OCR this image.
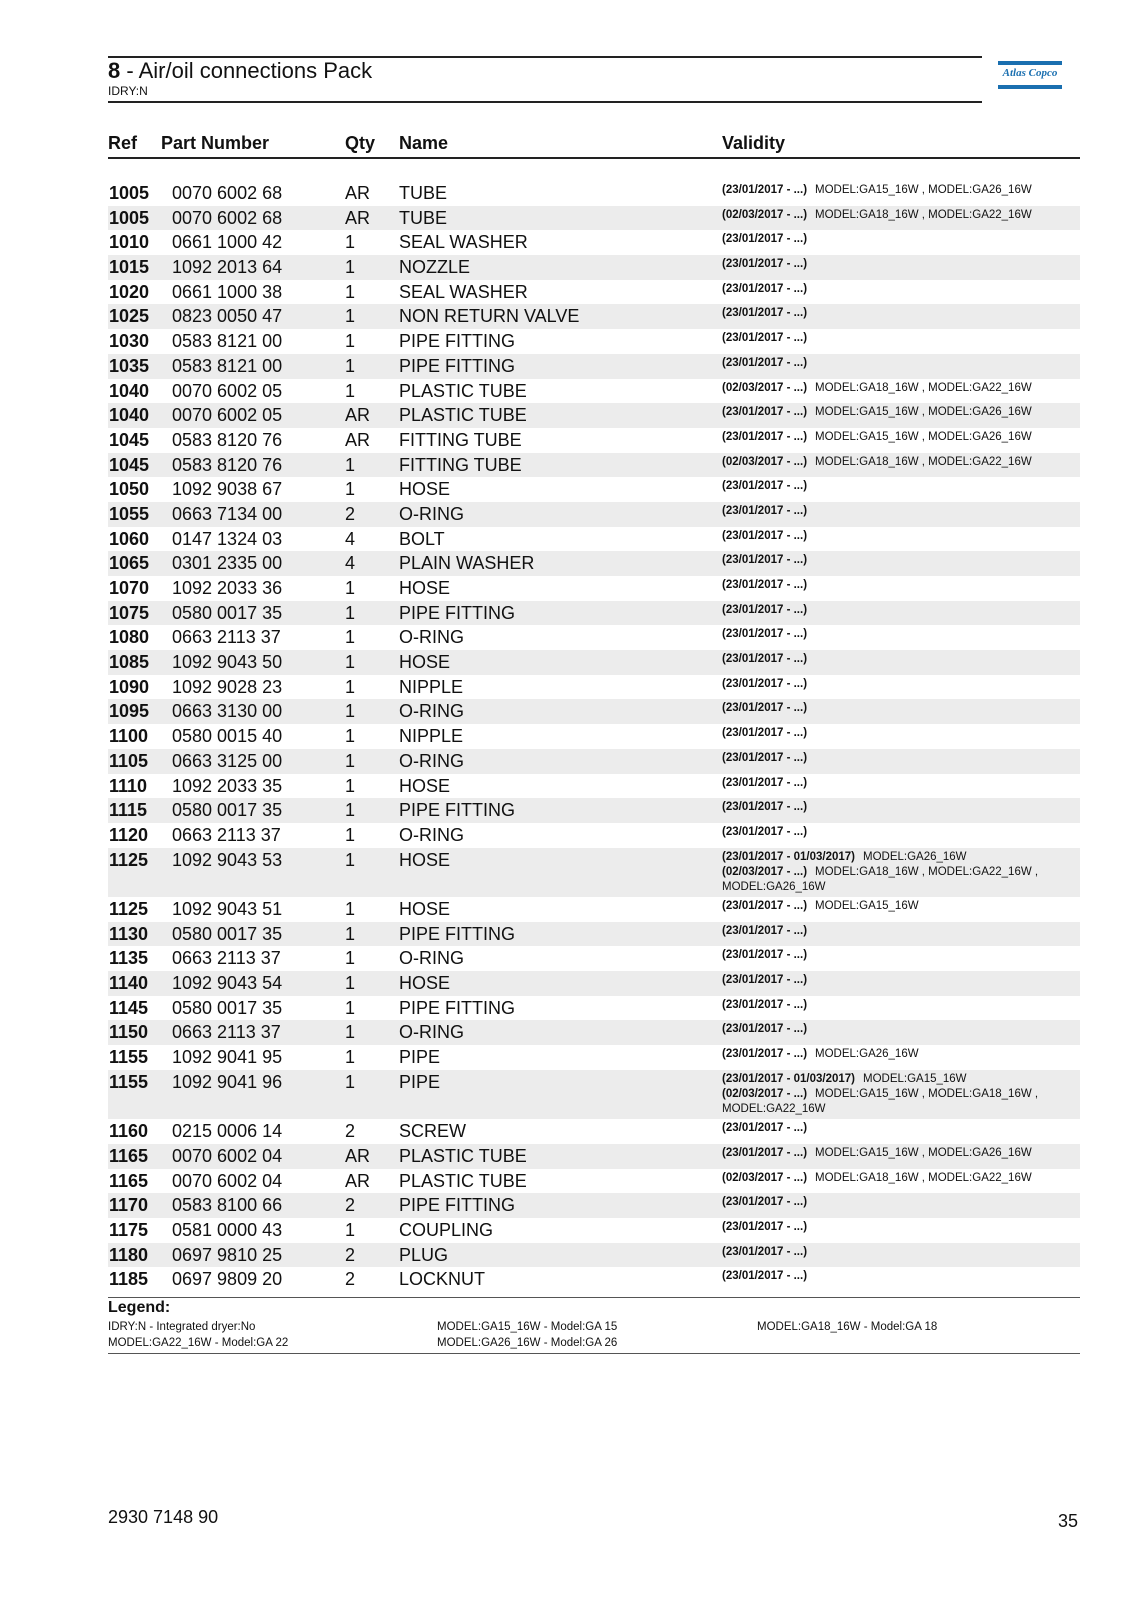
8 - Air/oil connections Pack
IDRY:N
Atlas Copco
Ref Part Number	Qty Name	Validity
1005 0070 6002 68	AR TUBE	(23/01/2017 - ...) MODEL:GA15_16W , MODEL:GA26_16W
1005 0070 6002 68	AR TUBE	(02/03/2017 - ...) MODEL:GA18_16W , MODEL:GA22_16W
1010 0661 1000 42	1 SEAL WASHER	(23/01/2017 - ...)
1015 1092 2013 64	1 NOZZLE	(23/01/2017 - ...)
1020 0661 1000 38	1 SEAL WASHER	(23/01/2017 - ...)
1025 0823 0050 47	1 NON RETURN VALVE	(23/01/2017 - ...)
1030 0583 8121 00	1 PIPE FITTING	(23/01/2017 - ...)
1035 0583 8121 00	1 PIPE FITTING	(23/01/2017 - ...)
1040 0070 6002 05	1 PLASTIC TUBE	(02/03/2017 - ...) MODEL:GA18_16W , MODEL:GA22_16W
1040 0070 6002 05	AR PLASTIC TUBE	(23/01/2017 - ...) MODEL:GA15_16W , MODEL:GA26_16W
1045 0583 8120 76	AR FITTING TUBE	(23/01/2017 - ...) MODEL:GA15_16W , MODEL:GA26_16W
1045 0583 8120 76	1 FITTING TUBE	(02/03/2017 - ...) MODEL:GA18_16W , MODEL:GA22_16W
1050 1092 9038 67	1 HOSE	(23/01/2017 - ...)
1055 0663 7134 00	2 O-RING	(23/01/2017 - ...)
1060 0147 1324 03	4 BOLT	(23/01/2017 - ...)
1065 0301 2335 00	4 PLAIN WASHER	(23/01/2017 - ...)
1070 1092 2033 36	1 HOSE	(23/01/2017 - ...)
1075 0580 0017 35	1 PIPE FITTING	(23/01/2017 - ...)
1080 0663 2113 37	1 O-RING	(23/01/2017 - ...)
1085 1092 9043 50	1 HOSE	(23/01/2017 - ...)
1090 1092 9028 23	1 NIPPLE	(23/01/2017 - ...)
1095 0663 3130 00	1 O-RING	(23/01/2017 - ...)
1100 0580 0015 40	1 NIPPLE	(23/01/2017 - ...)
1105 0663 3125 00	1 O-RING	(23/01/2017 - ...)
1110 1092 2033 35	1 HOSE	(23/01/2017 - ...)
1115 0580 0017 35	1 PIPE FITTING	(23/01/2017 - ...)
1120 0663 2113 37	1 O-RING	(23/01/2017 - ...)
1125 1092 9043 53	1 HOSE	(23/01/2017 - 01/03/2017) MODEL:GA26_16W
(02/03/2017 - ...) MODEL:GA18_16W , MODEL:GA22_16W , MODEL:GA26_16W
1125 1092 9043 51	1 HOSE	(23/01/2017 - ...) MODEL:GA15_16W
1130 0580 0017 35	1 PIPE FITTING	(23/01/2017 - ...)
1135 0663 2113 37	1 O-RING	(23/01/2017 - ...)
1140 1092 9043 54	1 HOSE	(23/01/2017 - ...)
1145 0580 0017 35	1 PIPE FITTING	(23/01/2017 - ...)
1150 0663 2113 37	1 O-RING	(23/01/2017 - ...)
1155 1092 9041 95	1 PIPE	(23/01/2017 - ...) MODEL:GA26_16W
1155 1092 9041 96	1 PIPE	(23/01/2017 - 01/03/2017) MODEL:GA15_16W
(02/03/2017 - ...) MODEL:GA15_16W , MODEL:GA18_16W , MODEL:GA22_16W
1160 0215 0006 14	2 SCREW	(23/01/2017 - ...)
1165 0070 6002 04	AR PLASTIC TUBE	(23/01/2017 - ...) MODEL:GA15_16W , MODEL:GA26_16W
1165 0070 6002 04	AR PLASTIC TUBE	(02/03/2017 - ...) MODEL:GA18_16W , MODEL:GA22_16W
1170 0583 8100 66	2 PIPE FITTING	(23/01/2017 - ...)
1175 0581 0000 43	1 COUPLING	(23/01/2017 - ...)
1180 0697 9810 25	2 PLUG	(23/01/2017 - ...)
1185 0697 9809 20	2 LOCKNUT	(23/01/2017 - ...)
Legend:
IDRY:N - Integrated dryer:No
MODEL:GA22_16W - Model:GA 22
MODEL:GA15_16W - Model:GA 15
MODEL:GA26_16W - Model:GA 26
MODEL:GA18_16W - Model:GA 18
2930 7148 90	35
